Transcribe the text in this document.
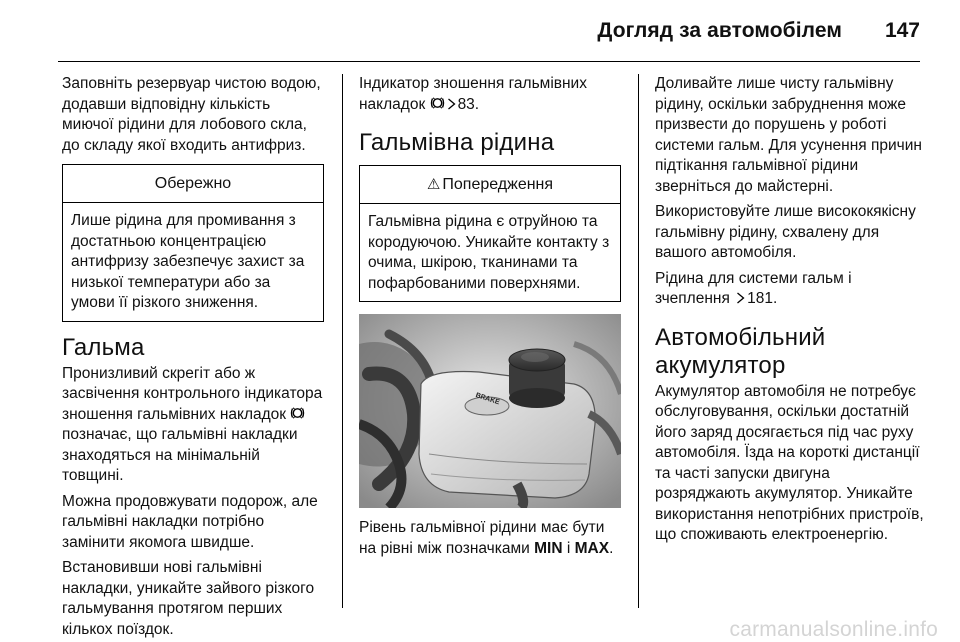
Догляд за автомобілем 147

Заповніть резервуар чистою водою, додавши відповідну кількість миючої рідини для лобового скла, до складу якої входить антифриз.

Обережно
Лише рідина для промивання з достатньою концентрацією антифризу забезпечує захист за низької температури або за умови її різкого зниження.
Гальма

Пронизливий скрегіт або ж засвічення контрольного індикатора зношення гальмівних накладок  позначає, що гальмівні накладки знаходяться на мінімальній товщині.

Можна продовжувати подорож, але гальмівні накладки потрібно замінити якомога швидше.

Встановивши нові гальмівні накладки, уникайте зайвого різкого гальмування протягом перших кількох поїздок.

Індикатор зношення гальмівних накладок 83.

Гальмівна рідина
⚠ Попередження
Гальмівна рідина є отруйною та кородуючою. Уникайте контакту з очима, шкірою, тканинами та пофарбованими поверхнями.
BRAKE

Рівень гальмівної рідини має бути на рівні між позначками MIN і MAX.

Доливайте лише чисту гальмівну рідину, оскільки забруднення може призвести до порушень у роботі системи гальм. Для усунення причин підтікання гальмівної рідини зверніться до майстерні.

Використовуйте лише висококякісну гальмівну рідину, схвалену для вашого автомобіля.

Рідина для системи гальм і зчеплення 181.

Автомобільний акумулятор

Акумулятор автомобіля не потребує обслуговування, оскільки достатній його заряд досягається під час руху автомобіля. Їзда на короткі дистанції та часті запуски двигуна розряджають акумулятор. Уникайте використання непотрібних пристроїв, що споживають електроенергію.

carmanualsonline.info
